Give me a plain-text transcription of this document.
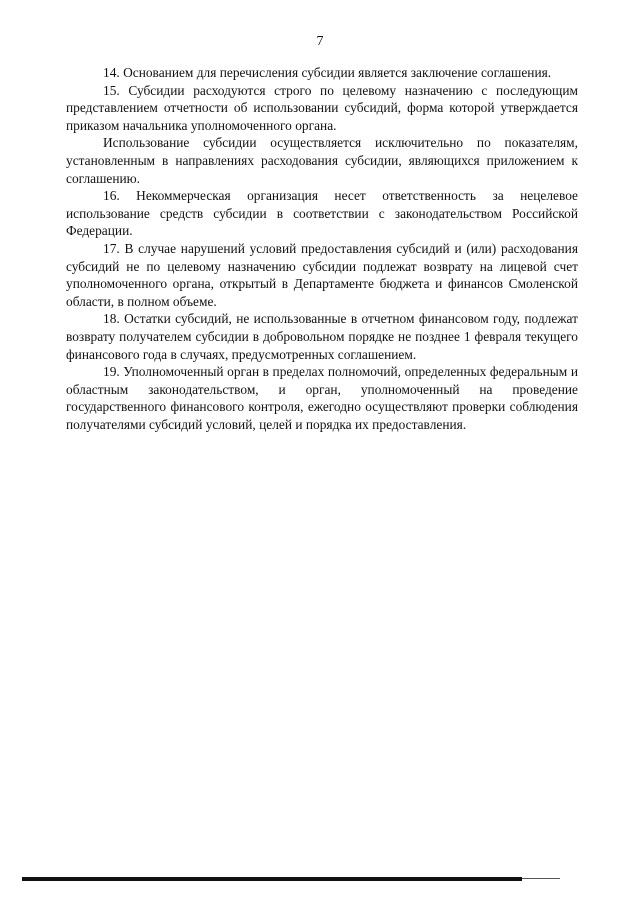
7

14. Основанием для перечисления субсидии является заключение соглашения.

15. Субсидии расходуются строго по целевому назначению с последующим представлением отчетности об использовании субсидий, форма которой утверждается приказом начальника уполномоченного органа.

Использование субсидии осуществляется исключительно по показателям, установленным в направлениях расходования субсидии, являющихся приложением к соглашению.

16. Некоммерческая организация несет ответственность за нецелевое использование средств субсидии в соответствии с законодательством Российской Федерации.

17. В случае нарушений условий предоставления субсидий и (или) расходования субсидий не по целевому назначению субсидии подлежат возврату на лицевой счет уполномоченного органа, открытый в Департаменте бюджета и финансов Смоленской области, в полном объеме.

18. Остатки субсидий, не использованные в отчетном финансовом году, подлежат возврату получателем субсидии в добровольном порядке не позднее 1 февраля текущего финансового года в случаях, предусмотренных соглашением.

19. Уполномоченный орган в пределах полномочий, определенных федеральным и областным законодательством, и орган, уполномоченный на проведение государственного финансового контроля, ежегодно осуществляют проверки соблюдения получателями субсидий условий, целей и порядка их предоставления.
